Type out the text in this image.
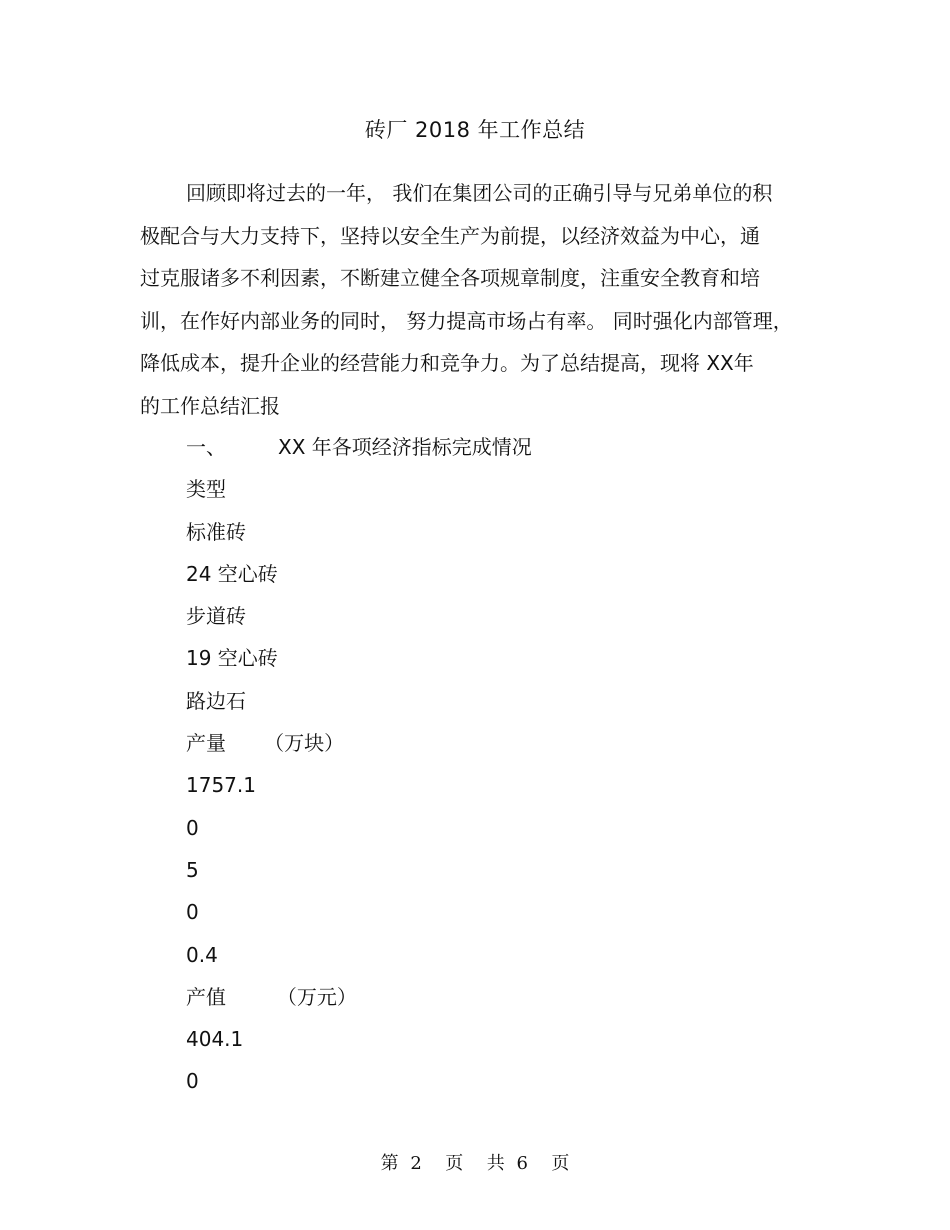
砖厂 2018 年工作总结
回顾即将过去的一年， 我们在集团公司的正确引导与兄弟单位的积
极配合与大力支持下，坚持以安全生产为前提，以经济效益为中心，通
过克服诸多不利因素，不断建立健全各项规章制度，注重安全教育和培
训，在作好内部业务的同时， 努力提高市场占有率。 同时强化内部管理，
降低成本，提升企业的经营能力和竞争力。为了总结提高，现将 XX年
的工作总结汇报
一、	XX 年各项经济指标完成情况
类型
标准砖
24 空心砖
步道砖
19 空心砖
路边石
产量      （万块）
1757.1
0
5
0
0.4
产值        （万元）
404.1
0
第 2  页  共 6  页
